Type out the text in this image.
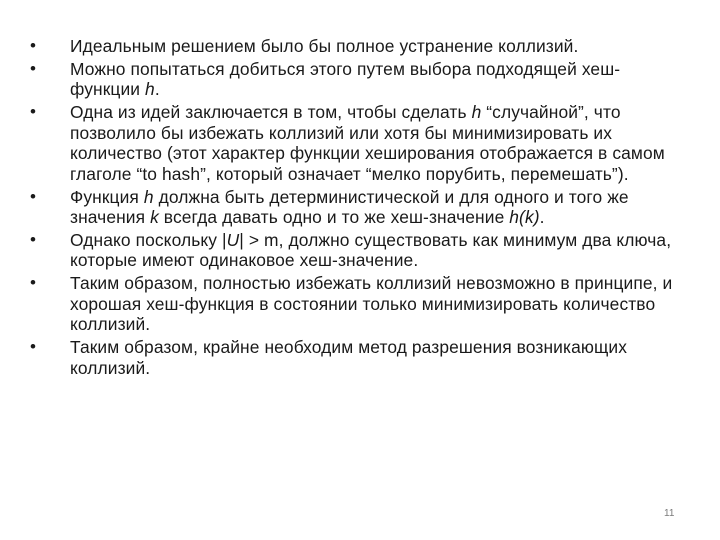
• Идеальным решением было бы полное устранение коллизий.
• Можно попытаться добиться этого путем выбора подходящей хеш-функции h.
• Одна из идей заключается в том, чтобы сделать h “случайной”, что позволило бы избежать коллизий или хотя бы минимизировать их количество (этот характер функции хеширования отображается в самом глаголе “to hash”, который означает “мелко порубить, перемешать”).
• Функция h должна быть детерминистической и для одного и того же значения k всегда давать одно и то же хеш-значение h(k).
• Однако поскольку |U| > m, должно существовать как минимум два ключа, которые имеют одинаковое хеш-значение.
• Таким образом, полностью избежать коллизий невозможно в принципе, и хорошая хеш-функция в состоянии только минимизировать количество коллизий.
• Таким образом, крайне необходим метод разрешения возникающих коллизий.
11
